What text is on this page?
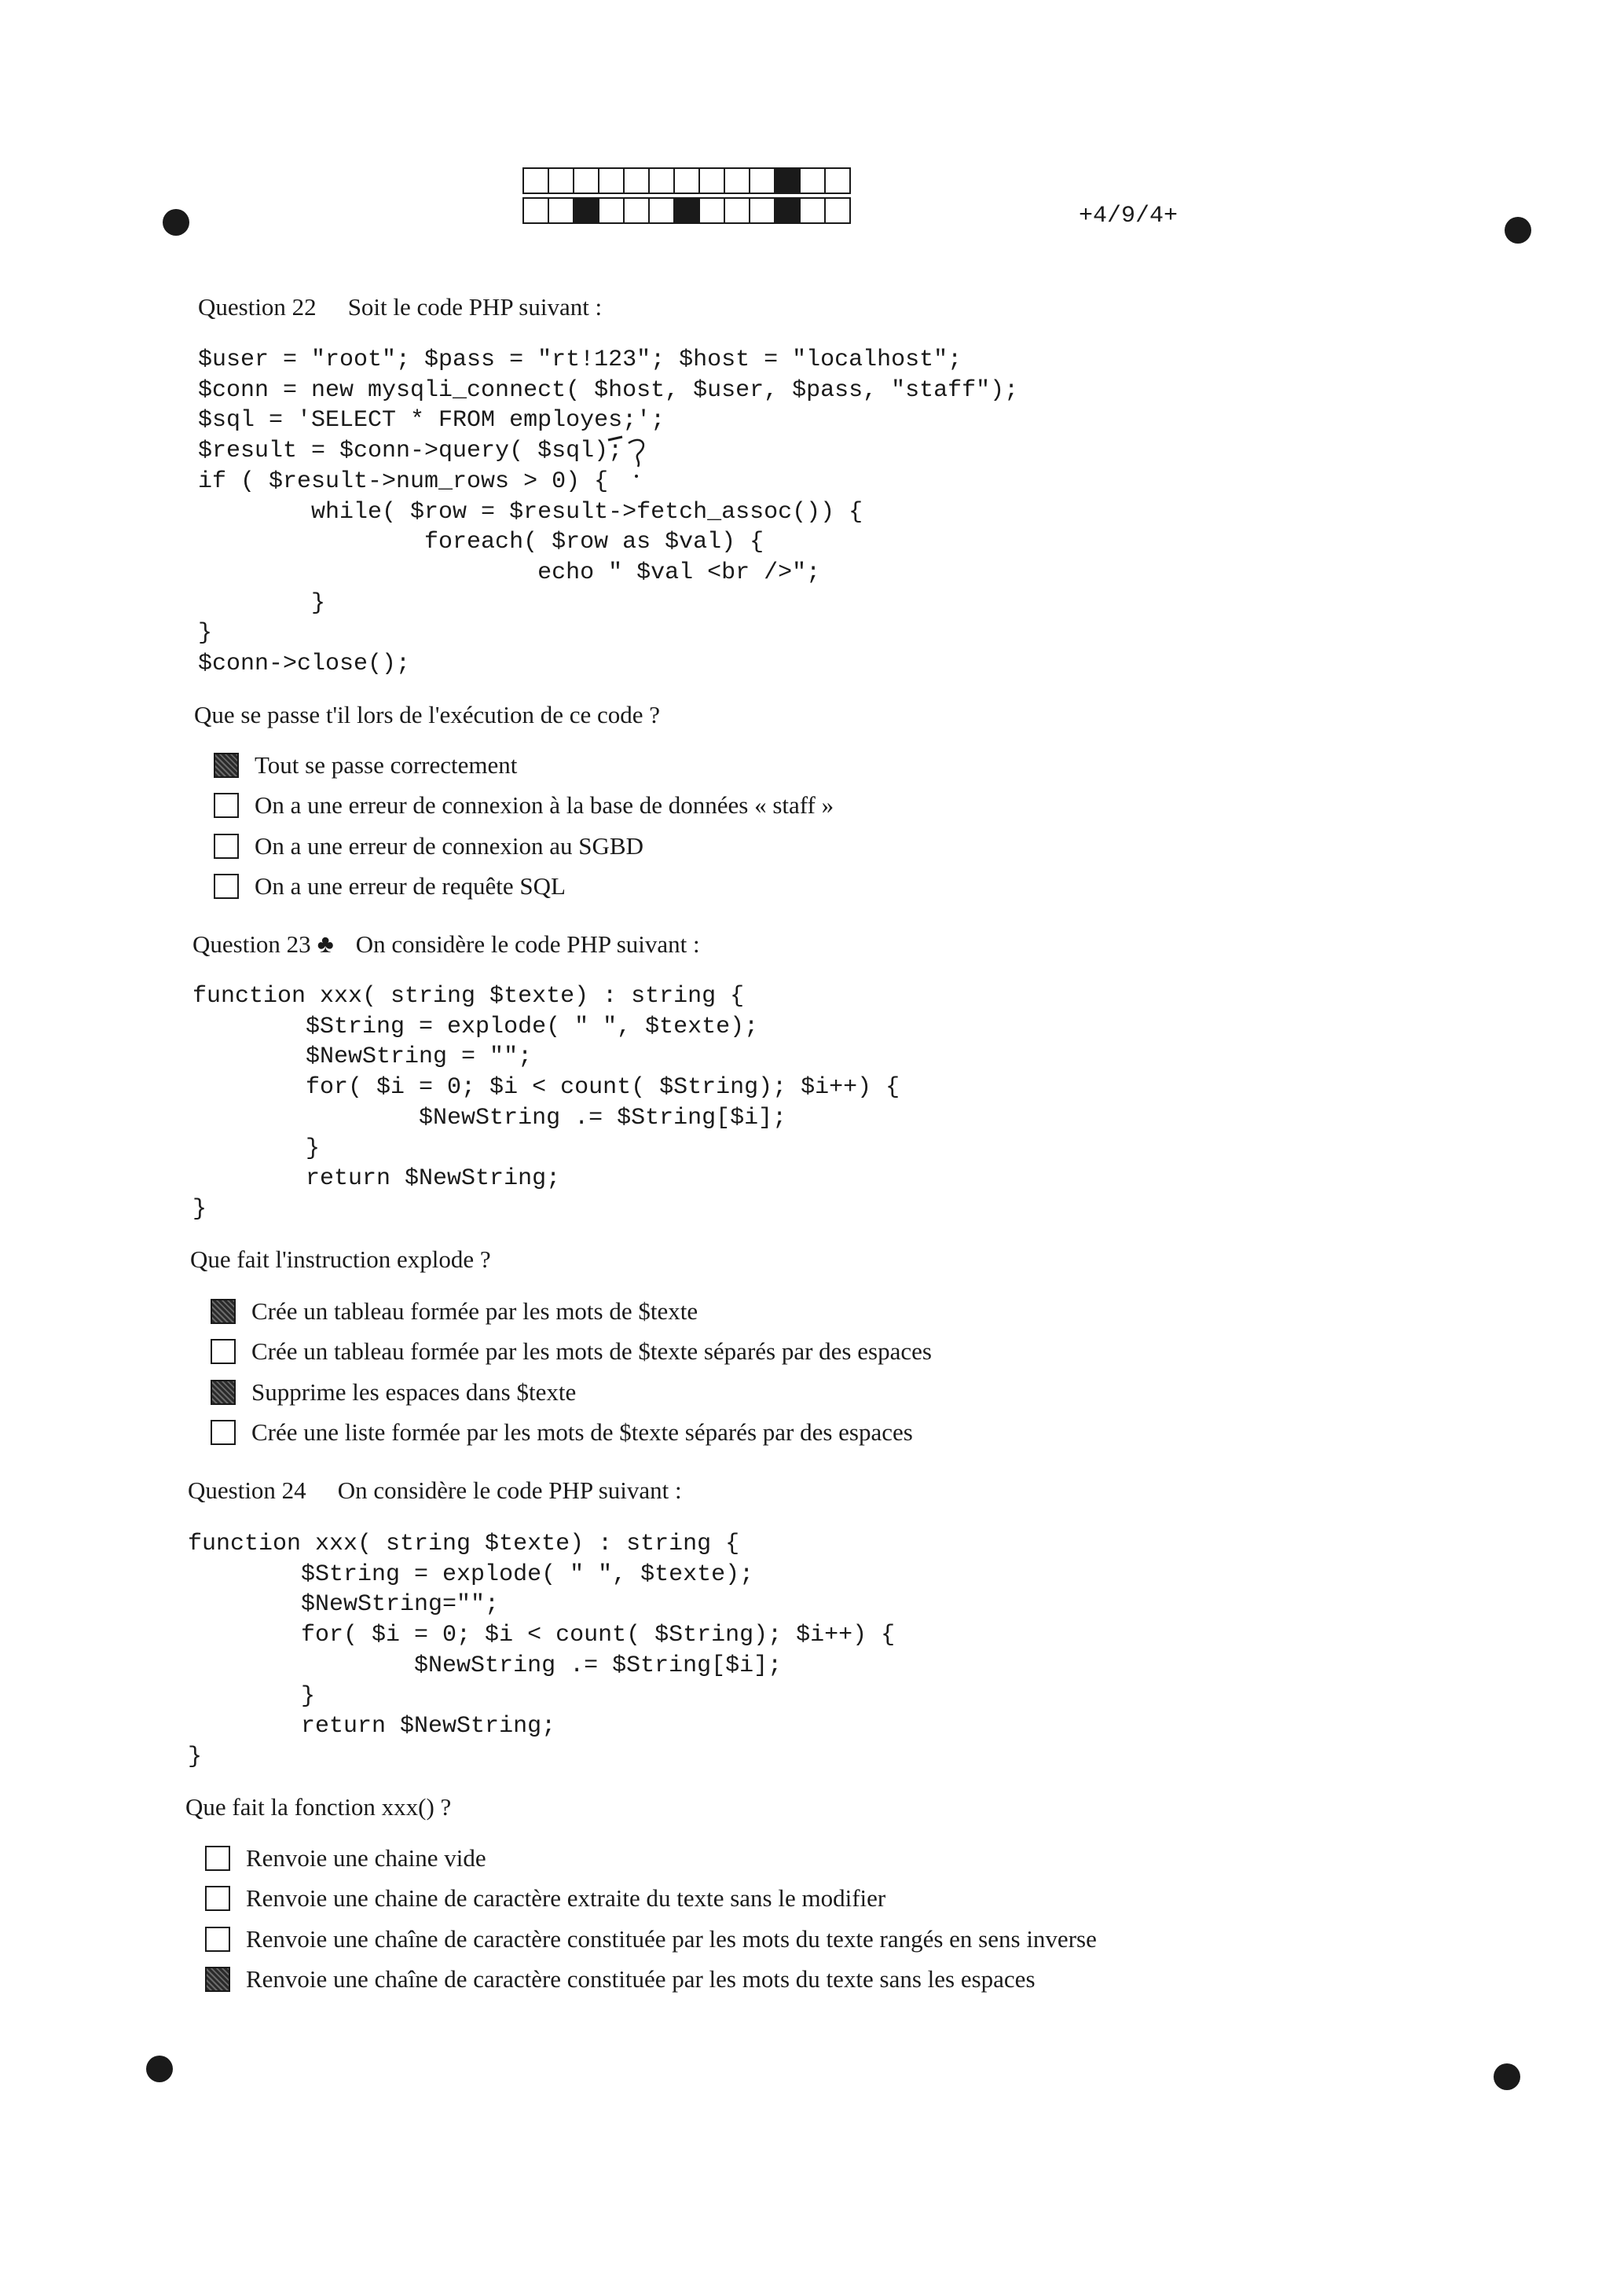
+4/9/4+
Question 22 Soit le code PHP suivant :
$user = "root"; $pass = "rt!123"; $host = "localhost";
$conn = new mysqli_connect( $host, $user, $pass, "staff");
$sql = 'SELECT * FROM employes;';
$result = $conn->query( $sql);
if ( $result->num_rows > 0) {
while( $row = $result->fetch_assoc()) {
foreach( $row as $val) {
echo " $val <br />";
}
}
$conn->close();
Que se passe t'il lors de l'exécution de ce code ?
Tout se passe correctement
On a une erreur de connexion à la base de données « staff »
On a une erreur de connexion au SGBD
On a une erreur de requête SQL
Question 23 ♣ On considère le code PHP suivant :
function xxx( string $texte) : string {
$String = explode( " ", $texte);
$NewString = "";
for( $i = 0; $i < count( $String); $i++) {
$NewString .= $String[$i];
}
return $NewString;
}
Que fait l'instruction explode ?
Crée un tableau formée par les mots de $texte
Crée un tableau formée par les mots de $texte séparés par des espaces
Supprime les espaces dans $texte
Crée une liste formée par les mots de $texte séparés par des espaces
Question 24 On considère le code PHP suivant :
function xxx( string $texte) : string {
$String = explode( " ", $texte);
$NewString="";
for( $i = 0; $i < count( $String); $i++) {
$NewString .= $String[$i];
}
return $NewString;
}
Que fait la fonction xxx() ?
Renvoie une chaine vide
Renvoie une chaine de caractère extraite du texte sans le modifier
Renvoie une chaîne de caractère constituée par les mots du texte rangés en sens inverse
Renvoie une chaîne de caractère constituée par les mots du texte sans les espaces
